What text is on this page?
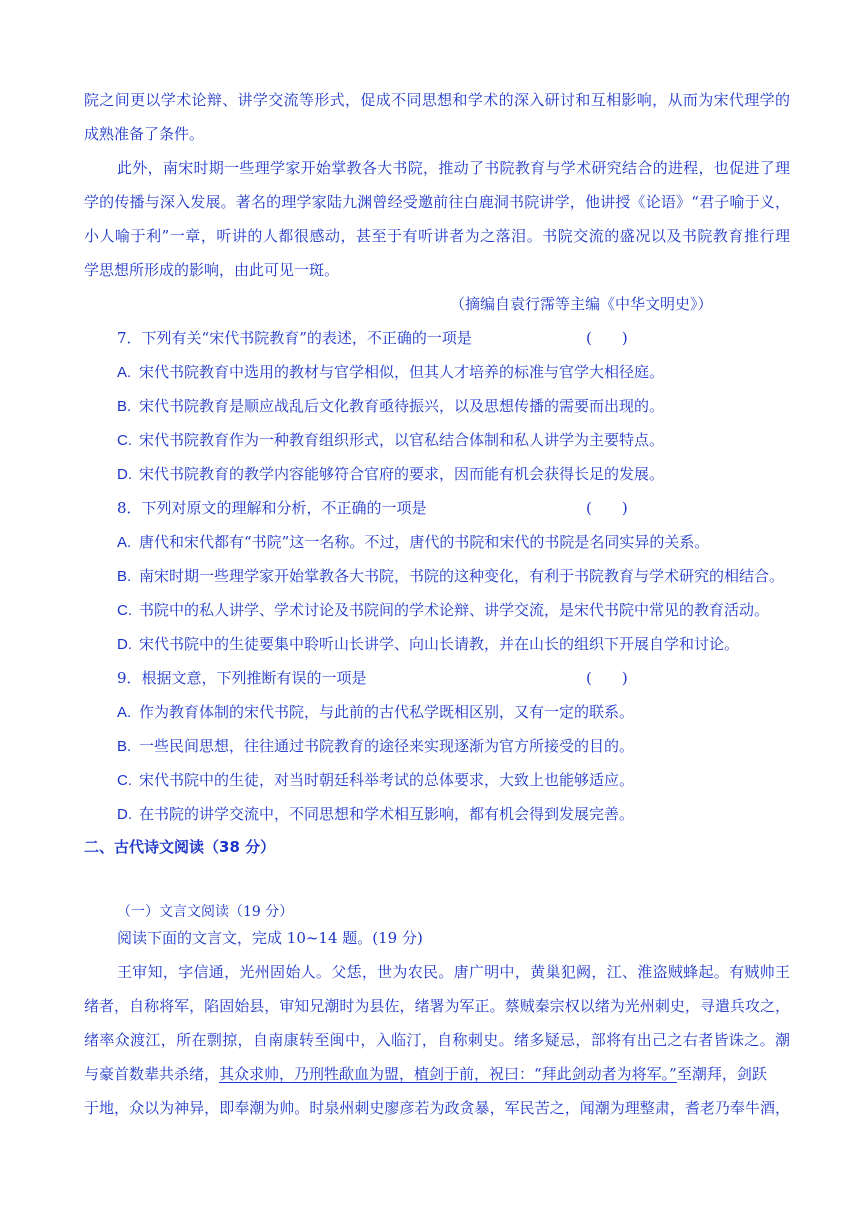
院之间更以学术论辩、讲学交流等形式，促成不同思想和学术的深入研讨和互相影响，从而为宋代理学的
成熟准备了条件。
此外，南宋时期一些理学家开始掌教各大书院，推动了书院教育与学术研究结合的进程，也促进了理
学的传播与深入发展。著名的理学家陆九渊曾经受邀前往白鹿洞书院讲学，他讲授《论语》“君子喻于义，
小人喻于利”一章，听讲的人都很感动，甚至于有听讲者为之落泪。书院交流的盛况以及书院教育推行理
学思想所形成的影响，由此可见一斑。
（摘编自袁行霈等主编《中华文明史》）
7．下列有关“宋代书院教育”的表述，不正确的一项是	(　　)
A. 宋代书院教育中选用的教材与官学相似，但其人才培养的标准与官学大相径庭。
B. 宋代书院教育是顺应战乱后文化教育亟待振兴，以及思想传播的需要而出现的。
C. 宋代书院教育作为一种教育组织形式，以官私结合体制和私人讲学为主要特点。
D. 宋代书院教育的教学内容能够符合官府的要求，因而能有机会获得长足的发展。
8．下列对原文的理解和分析，不正确的一项是	(　　)
A. 唐代和宋代都有“书院”这一名称。不过，唐代的书院和宋代的书院是名同实异的关系。
B. 南宋时期一些理学家开始掌教各大书院，书院的这种变化，有利于书院教育与学术研究的相结合。
C. 书院中的私人讲学、学术讨论及书院间的学术论辩、讲学交流，是宋代书院中常见的教育活动。
D. 宋代书院中的生徒要集中聆听山长讲学、向山长请教，并在山长的组织下开展自学和讨论。
9．根据文意，下列推断有误的一项是	(　　)
A. 作为教育体制的宋代书院，与此前的古代私学既相区别，又有一定的联系。
B. 一些民间思想，往往通过书院教育的途径来实现逐渐为官方所接受的目的。
C. 宋代书院中的生徒，对当时朝廷科举考试的总体要求，大致上也能够适应。
D. 在书院的讲学交流中，不同思想和学术相互影响，都有机会得到发展完善。
二、古代诗文阅读（38 分）
（一）文言文阅读（19 分）
阅读下面的文言文，完成 10~14 题。(19 分)
王审知，字信通，光州固始人。父恁，世为农民。唐广明中，黄巢犯阙，江、淮盗贼蜂起。有贼帅王
绪者，自称将军，陷固始县，审知兄潮时为县佐，绪署为军正。蔡贼秦宗权以绪为光州刺史，寻遣兵攻之，
绪率众渡江，所在剽掠，自南康转至闽中，入临汀，自称刺史。绪多疑忌，部将有出己之右者皆诛之。潮
与豪首数辈共杀绪，其众求帅，乃刑牲歃血为盟，植剑于前，祝曰：“拜此剑动者为将军。”至潮拜，剑跃
于地，众以为神异，即奉潮为帅。时泉州刺史廖彦若为政贪暴，军民苦之，闻潮为理整肃，耆老乃奉牛酒，
